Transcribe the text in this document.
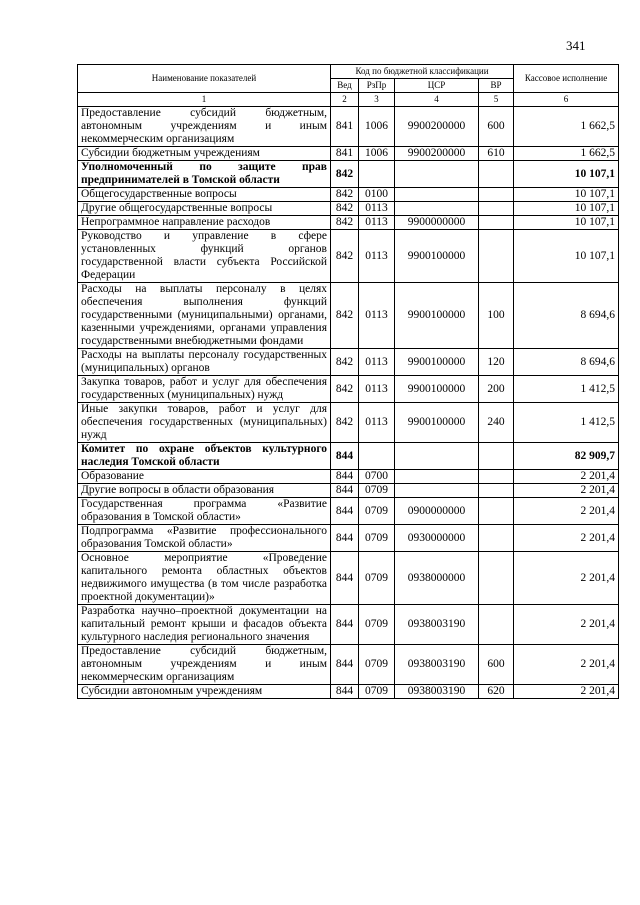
341
Наименование показателей	Код по бюджетной классификации				Кассовое исполнение
	Вед	РзПр	ЦСР	ВР	
1	2	3	4	5	6
Предоставление субсидий бюджетным, автономным учреждениям и иным некоммерческим организациям	841	1006	9900200000	600	1 662,5
Субсидии бюджетным учреждениям	841	1006	9900200000	610	1 662,5
Уполномоченный по защите прав предпринимателей в Томской области	842				10 107,1
Общегосударственные вопросы	842	0100			10 107,1
Другие общегосударственные вопросы	842	0113			10 107,1
Непрограммное направление расходов	842	0113	9900000000		10 107,1
Руководство и управление в сфере установленных функций органов государственной власти субъекта Российской Федерации	842	0113	9900100000		10 107,1
Расходы на выплаты персоналу в целях обеспечения выполнения функций государственными (муниципальными) органами, казенными учреждениями, органами управления государственными внебюджетными фондами	842	0113	9900100000	100	8 694,6
Расходы на выплаты персоналу государственных (муниципальных) органов	842	0113	9900100000	120	8 694,6
Закупка товаров, работ и услуг для обеспечения государственных (муниципальных) нужд	842	0113	9900100000	200	1 412,5
Иные закупки товаров, работ и услуг для обеспечения государственных (муниципальных) нужд	842	0113	9900100000	240	1 412,5
Комитет по охране объектов культурного наследия Томской области	844				82 909,7
Образование	844	0700			2 201,4
Другие вопросы в области образования	844	0709			2 201,4
Государственная программа «Развитие образования в Томской области»	844	0709	0900000000		2 201,4
Подпрограмма «Развитие профессионального образования Томской области»	844	0709	0930000000		2 201,4
Основное мероприятие «Проведение капитального ремонта областных объектов недвижимого имущества (в том числе разработка проектной документации)»	844	0709	0938000000		2 201,4
Разработка научно–проектной документации на капитальный ремонт крыши и фасадов объекта культурного наследия регионального значения	844	0709	0938003190		2 201,4
Предоставление субсидий бюджетным, автономным учреждениям и иным некоммерческим организациям	844	0709	0938003190	600	2 201,4
Субсидии автономным учреждениям	844	0709	0938003190	620	2 201,4
